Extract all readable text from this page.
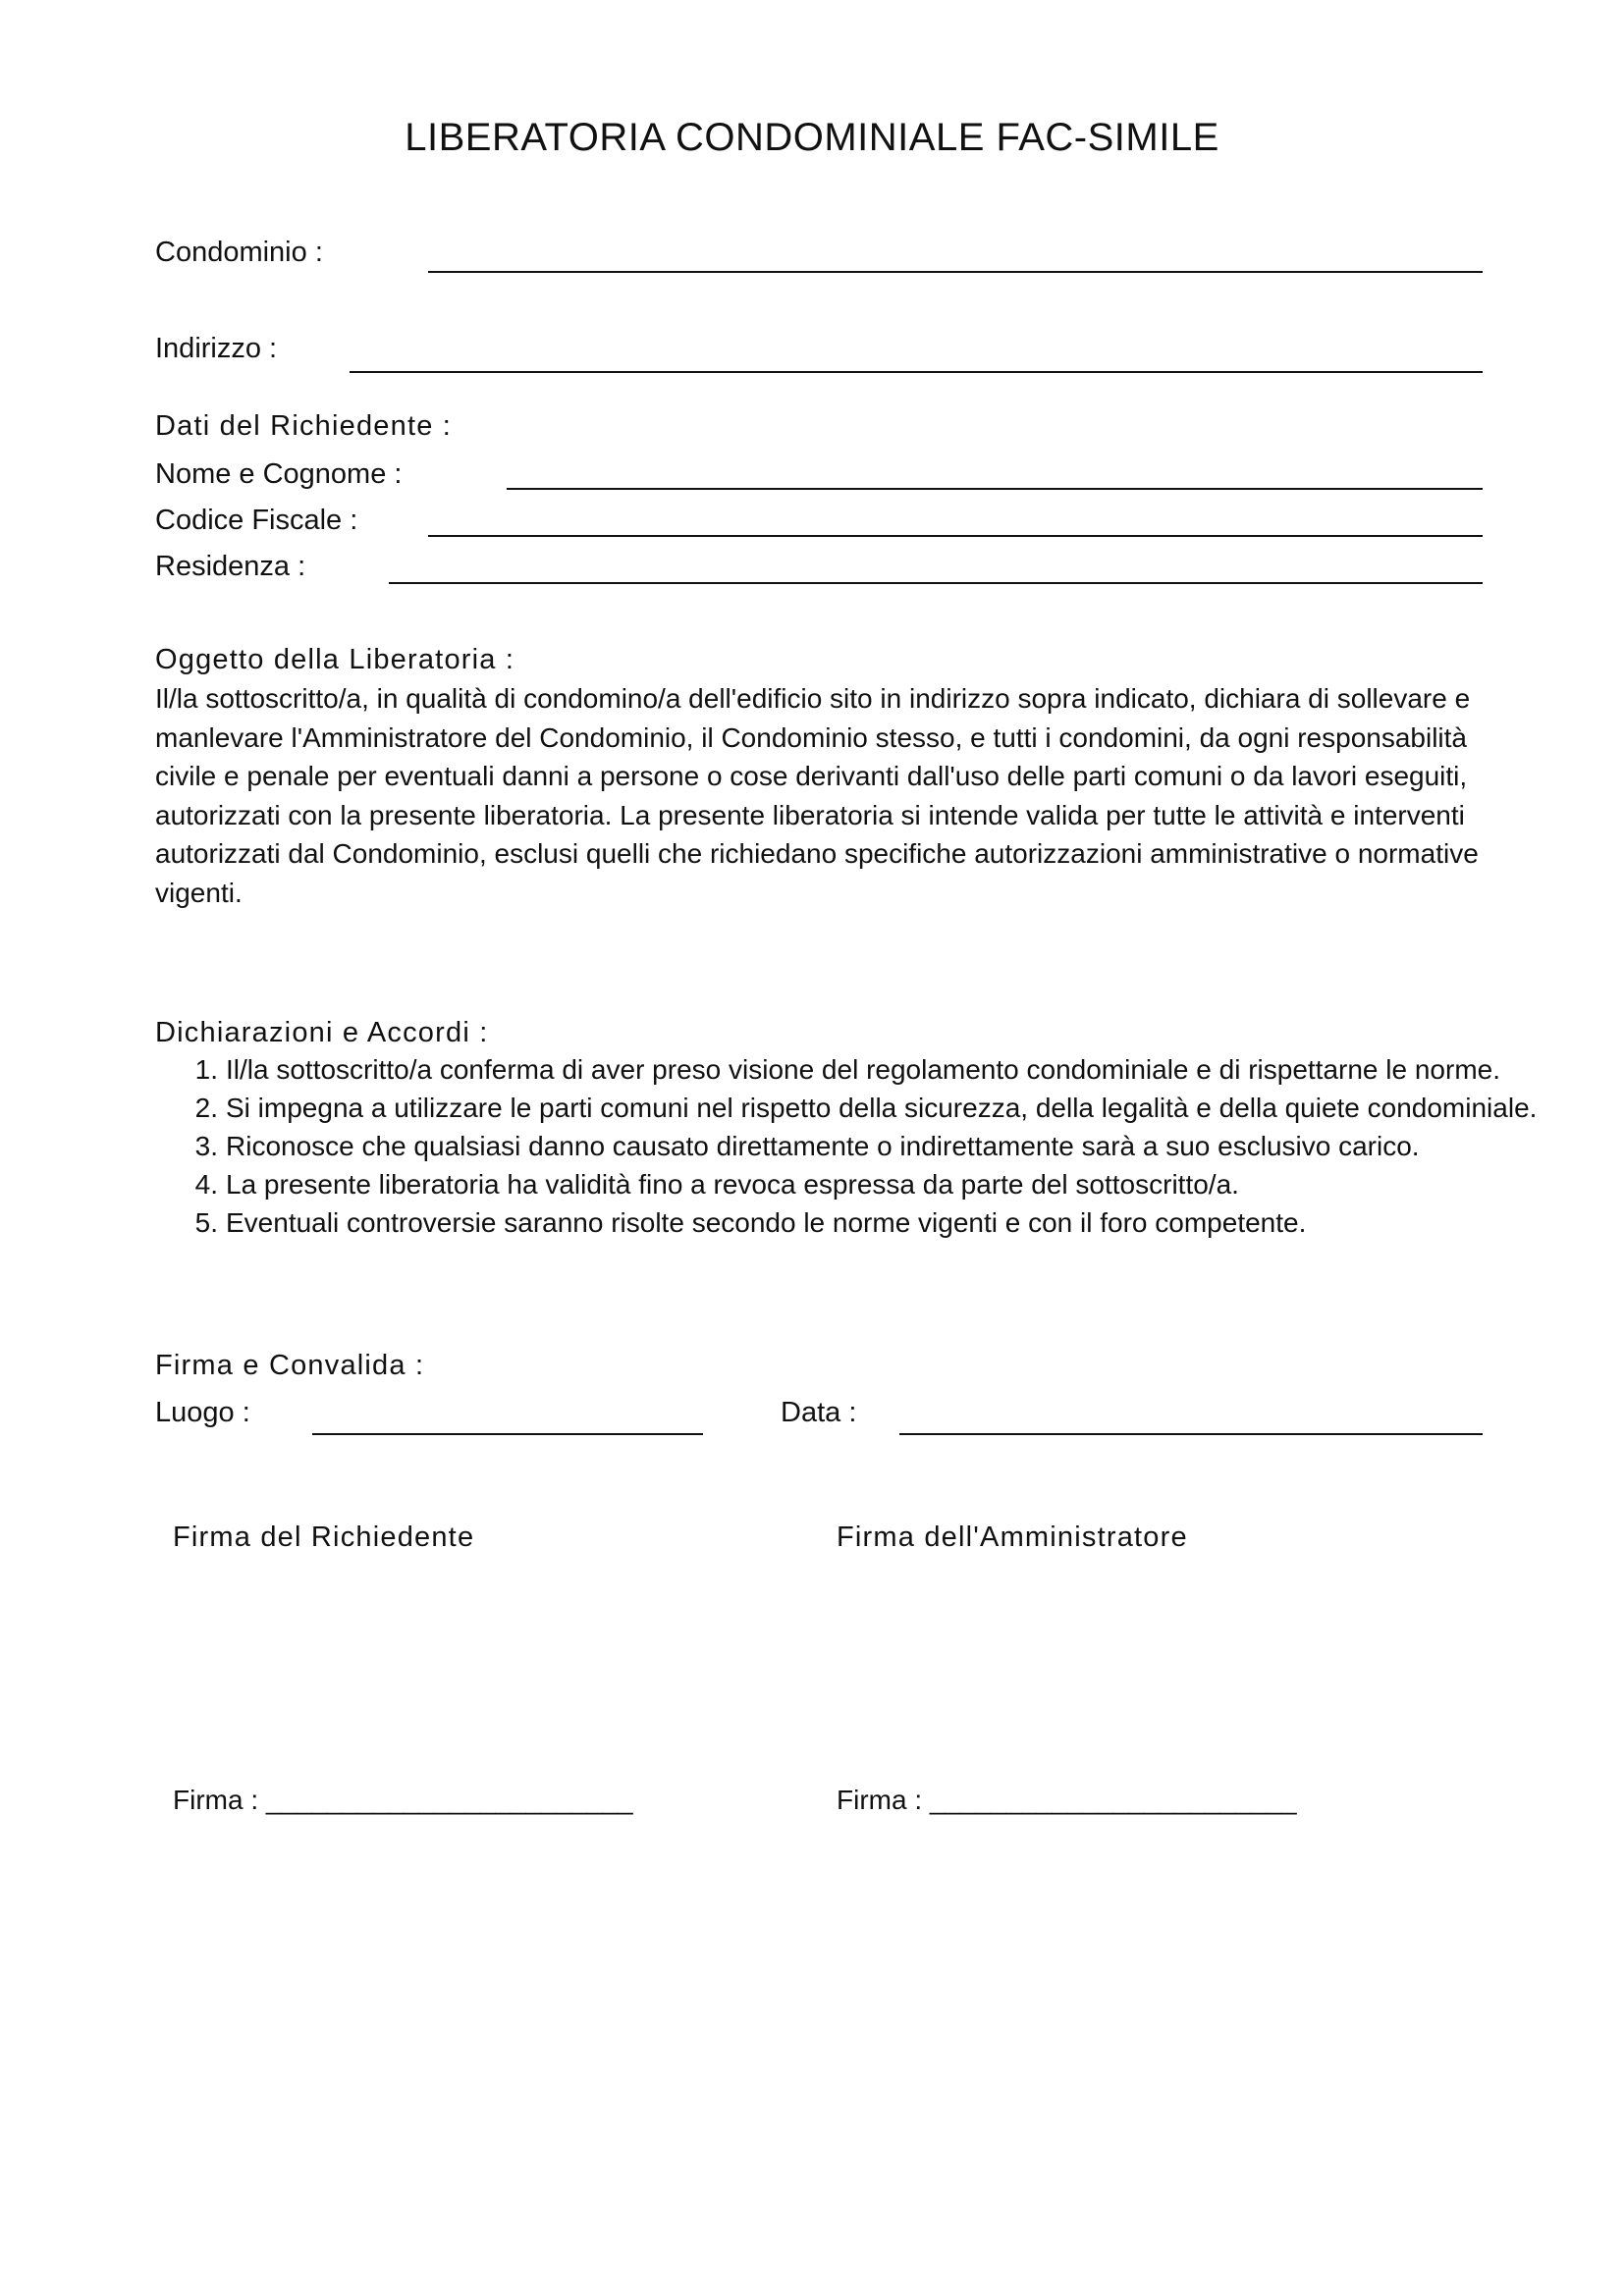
LIBERATORIA CONDOMINIALE FAC-SIMILE
Condominio :
Indirizzo :
Dati del Richiedente :
Nome e Cognome :
Codice Fiscale :
Residenza :
Oggetto della Liberatoria :
Il/la sottoscritto/a, in qualità di condomino/a dell'edificio sito in indirizzo sopra indicato, dichiara di sollevare e manlevare l'Amministratore del Condominio, il Condominio stesso, e tutti i condomini, da ogni responsabilità civile e penale per eventuali danni a persone o cose derivanti dall'uso delle parti comuni o da lavori eseguiti, autorizzati con la presente liberatoria. La presente liberatoria si intende valida per tutte le attività e interventi autorizzati dal Condominio, esclusi quelli che richiedano specifiche autorizzazioni amministrative o normative vigenti.
Dichiarazioni e Accordi :
1. Il/la sottoscritto/a conferma di aver preso visione del regolamento condominiale e di rispettarne le norme.
2. Si impegna a utilizzare le parti comuni nel rispetto della sicurezza, della legalità e della quiete condominiale.
3. Riconosce che qualsiasi danno causato direttamente o indirettamente sarà a suo esclusivo carico.
4. La presente liberatoria ha validità fino a revoca espressa da parte del sottoscritto/a.
5. Eventuali controversie saranno risolte secondo le norme vigenti e con il foro competente.
Firma e Convalida :
Luogo :	Data :
Firma del Richiedente	Firma dell'Amministratore
Firma : ________________________	Firma : ________________________
